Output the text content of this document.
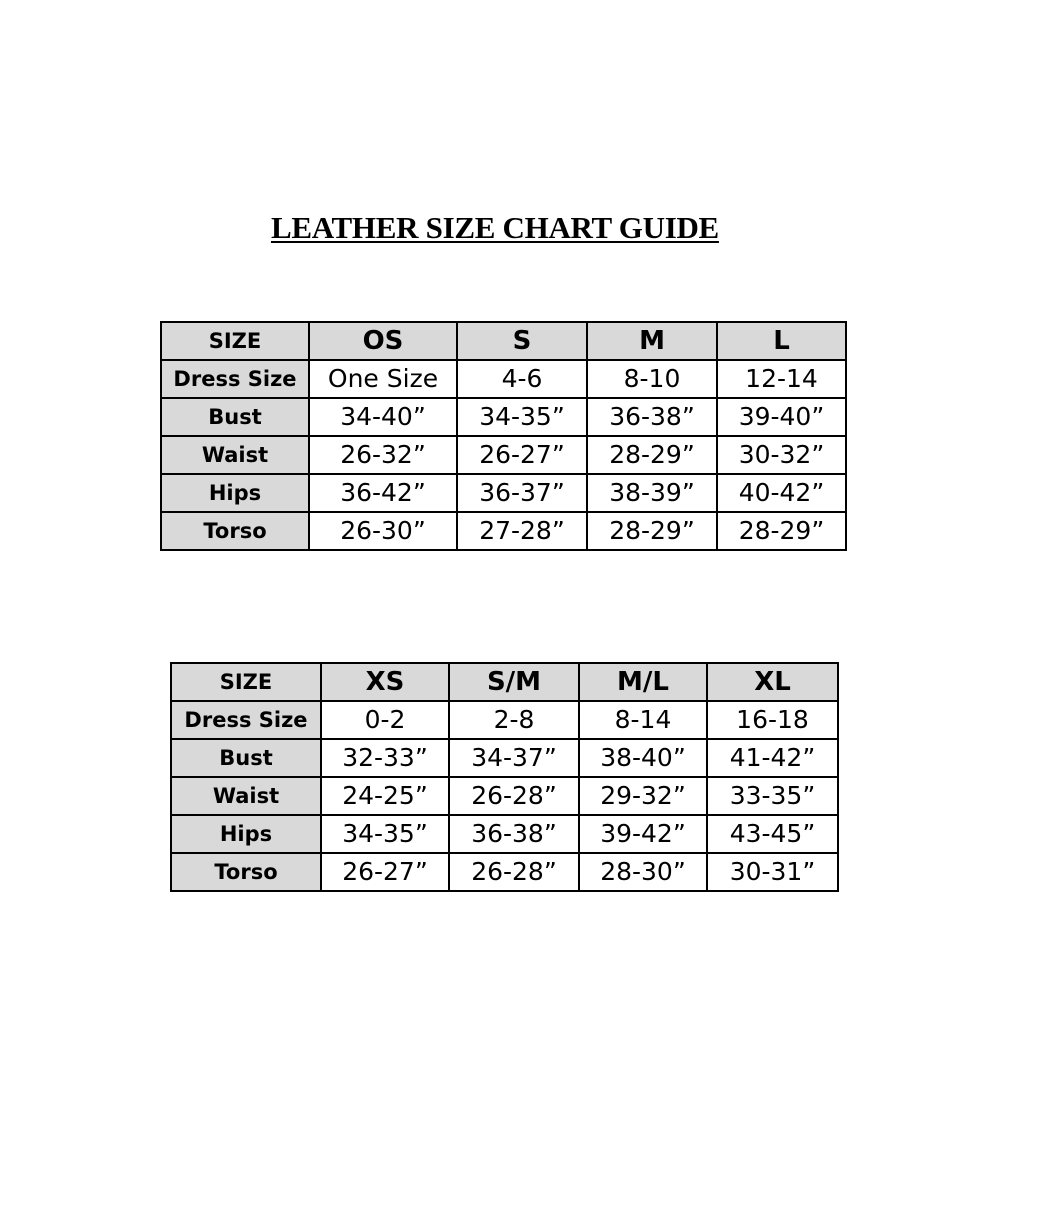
LEATHER SIZE CHART GUIDE
SIZE	OS	S	M	L
Dress Size	One Size	4-6	8-10	12-14
Bust	34-40”	34-35”	36-38”	39-40”
Waist	26-32”	26-27”	28-29”	30-32”
Hips	36-42”	36-37”	38-39”	40-42”
Torso	26-30”	27-28”	28-29”	28-29”
SIZE	XS	S/M	M/L	XL
Dress Size	0-2	2-8	8-14	16-18
Bust	32-33”	34-37”	38-40”	41-42”
Waist	24-25”	26-28”	29-32”	33-35”
Hips	34-35”	36-38”	39-42”	43-45”
Torso	26-27”	26-28”	28-30”	30-31”
